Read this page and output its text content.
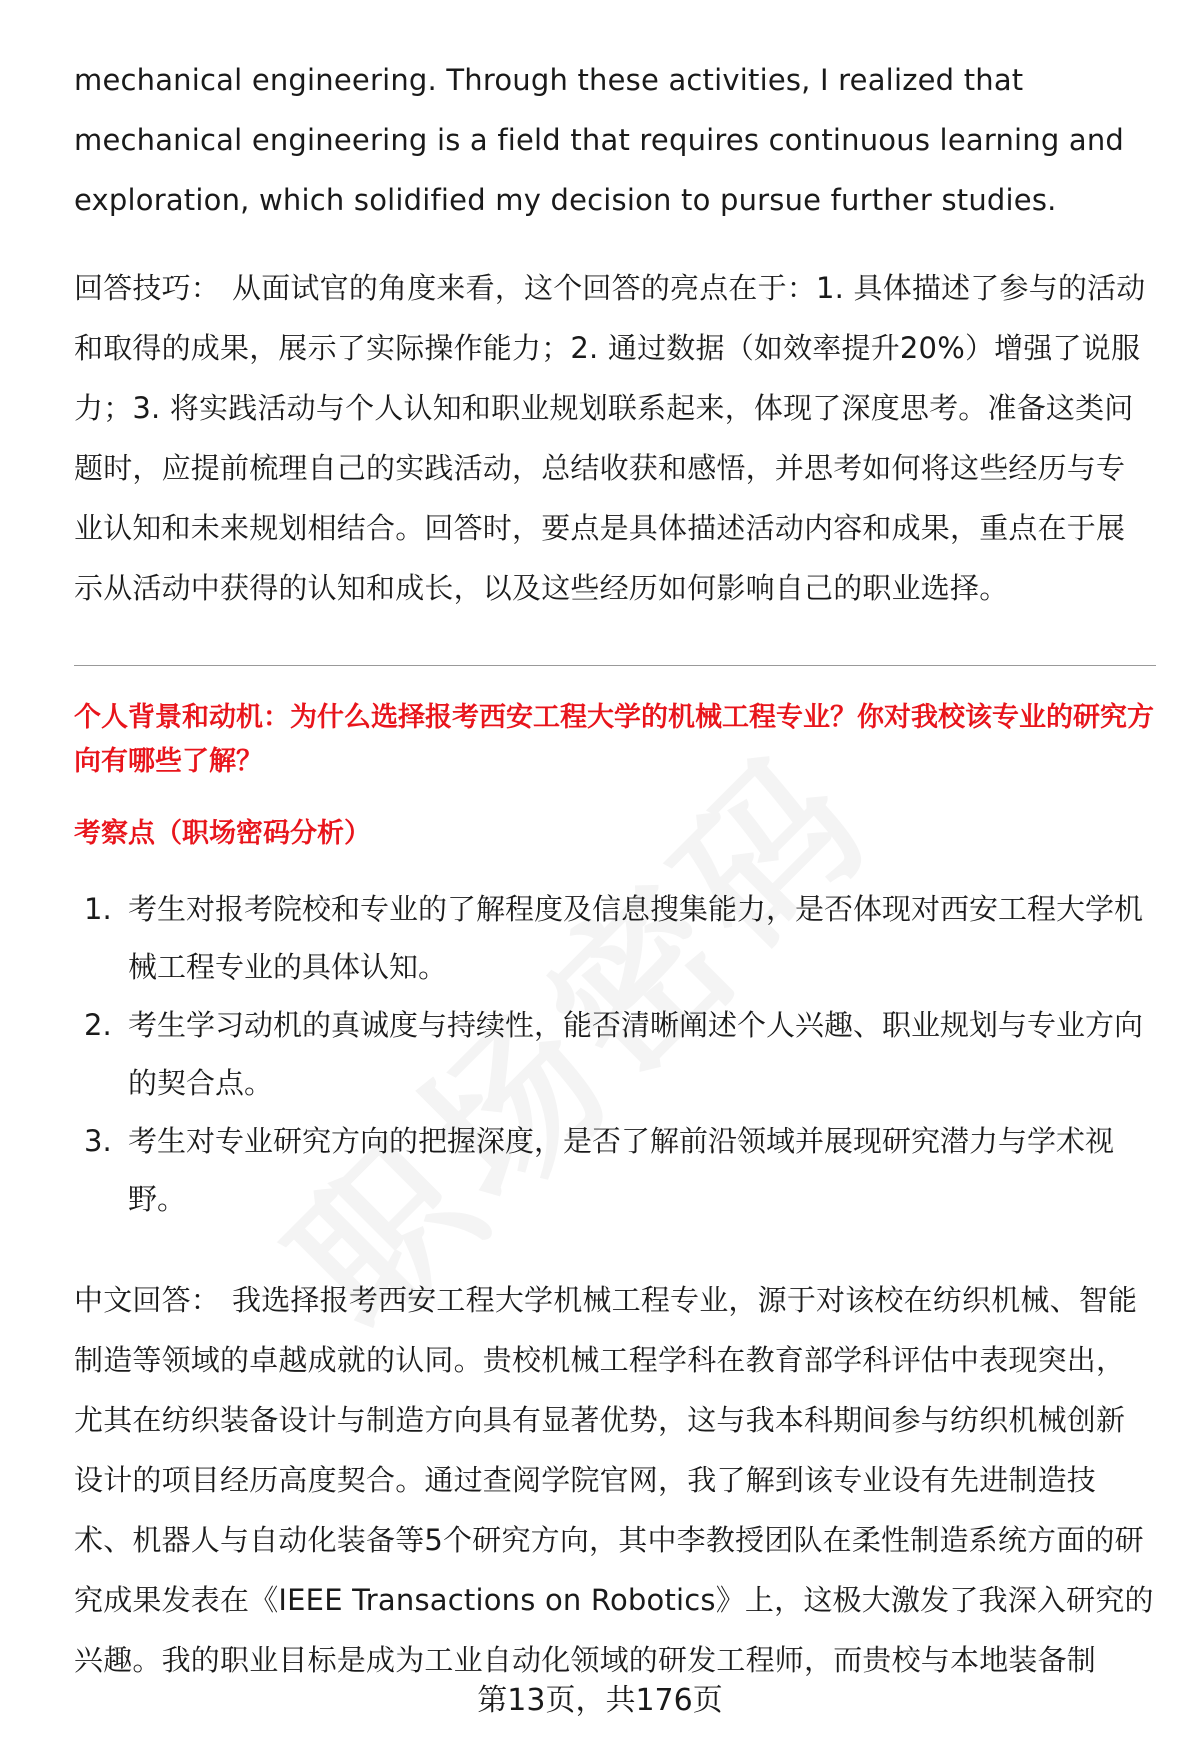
mechanical engineering. Through these activities, I realized that mechanical engineering is a field that requires continuous learning and exploration, which solidified my decision to pursue further studies.

回答技巧： 从面试官的角度来看，这个回答的亮点在于：1. 具体描述了参与的活动和取得的成果，展示了实际操作能力；2. 通过数据（如效率提升20%）增强了说服力；3. 将实践活动与个人认知和职业规划联系起来，体现了深度思考。准备这类问题时，应提前梳理自己的实践活动，总结收获和感悟，并思考如何将这些经历与专业认知和未来规划相结合。回答时，要点是具体描述活动内容和成果，重点在于展示从活动中获得的认知和成长，以及这些经历如何影响自己的职业选择。

个人背景和动机：为什么选择报考西安工程大学的机械工程专业？你对我校该专业的研究方向有哪些了解？

考察点（职场密码分析）

1. 考生对报考院校和专业的了解程度及信息搜集能力，是否体现对西安工程大学机械工程专业的具体认知。
2. 考生学习动机的真诚度与持续性，能否清晰阐述个人兴趣、职业规划与专业方向的契合点。
3. 考生对专业研究方向的把握深度，是否了解前沿领域并展现研究潜力与学术视野。

中文回答： 我选择报考西安工程大学机械工程专业，源于对该校在纺织机械、智能制造等领域的卓越成就的认同。贵校机械工程学科在教育部学科评估中表现突出，尤其在纺织装备设计与制造方向具有显著优势，这与我本科期间参与纺织机械创新设计的项目经历高度契合。通过查阅学院官网，我了解到该专业设有先进制造技术、机器人与自动化装备等5个研究方向，其中李教授团队在柔性制造系统方面的研究成果发表在《IEEE Transactions on Robotics》上，这极大激发了我深入研究的兴趣。我的职业目标是成为工业自动化领域的研发工程师，而贵校与本地装备制

第13页，共176页
